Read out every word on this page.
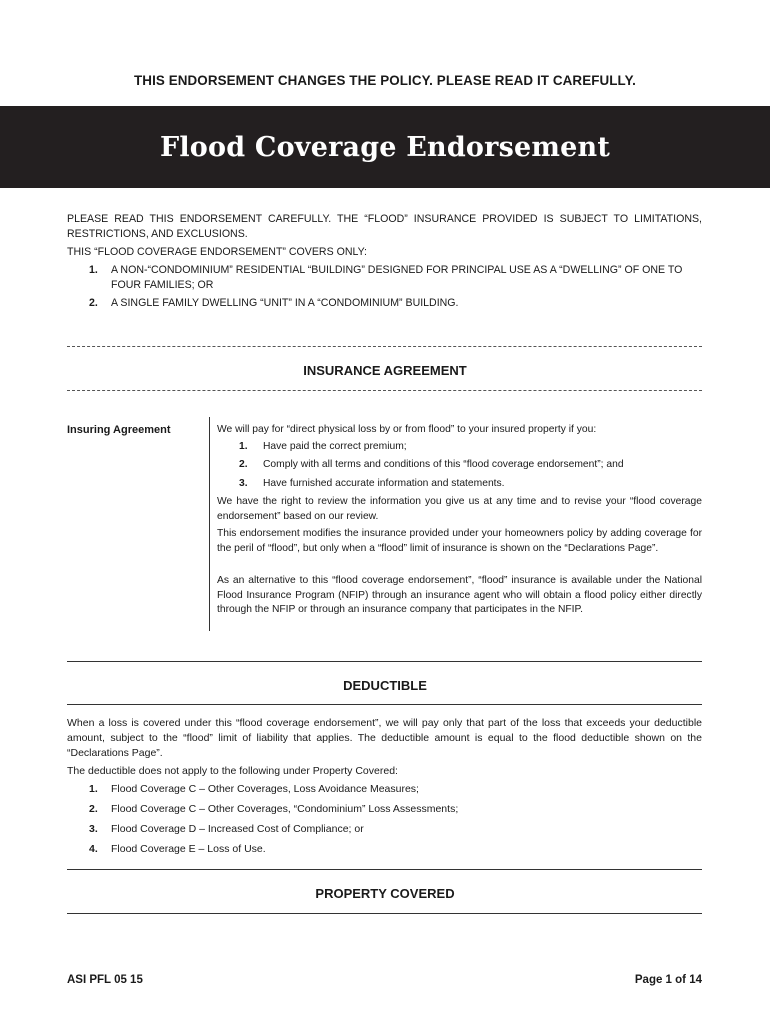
THIS ENDORSEMENT CHANGES THE POLICY. PLEASE READ IT CAREFULLY.
Flood Coverage Endorsement

PLEASE READ THIS ENDORSEMENT CAREFULLY. THE “FLOOD” INSURANCE PROVIDED IS SUBJECT TO LIMITATIONS, RESTRICTIONS, AND EXCLUSIONS.

THIS “FLOOD COVERAGE ENDORSEMENT” COVERS ONLY:

1.	A NON-“CONDOMINIUM” RESIDENTIAL “BUILDING” DESIGNED FOR PRINCIPAL USE AS A “DWELLING” OF ONE TO FOUR FAMILIES; OR
2.	A SINGLE FAMILY DWELLING “UNIT” IN A “CONDOMINIUM” BUILDING.
INSURANCE AGREEMENT
Insuring Agreement	We will pay for “direct physical loss by or from flood” to your insured property if you:

1.	Have paid the correct premium;
2.	Comply with all terms and conditions of this “flood coverage endorsement”; and
3.	Have furnished accurate information and statements.

We have the right to review the information you give us at any time and to revise your “flood coverage endorsement” based on our review.

This endorsement modifies the insurance provided under your homeowners policy by adding coverage for the peril of “flood”, but only when a “flood” limit of insurance is shown on the “Declarations Page”.

As an alternative to this “flood coverage endorsement”, “flood” insurance is available under the National Flood Insurance Program (NFIP) through an insurance agent who will obtain a flood policy either directly through the NFIP or through an insurance company that participates in the NFIP.

DEDUCTIBLE

When a loss is covered under this “flood coverage endorsement”, we will pay only that part of the loss that exceeds your deductible amount, subject to the “flood” limit of liability that applies. The deductible amount is equal to the flood deductible shown on the “Declarations Page”.

The deductible does not apply to the following under Property Covered:

1.	Flood Coverage C – Other Coverages, Loss Avoidance Measures;
2.	Flood Coverage C – Other Coverages, “Condominium” Loss Assessments;
3.	Flood Coverage D – Increased Cost of Compliance; or
4.	Flood Coverage E – Loss of Use.
PROPERTY COVERED
ASI PFL 05 15	Page 1 of 14
